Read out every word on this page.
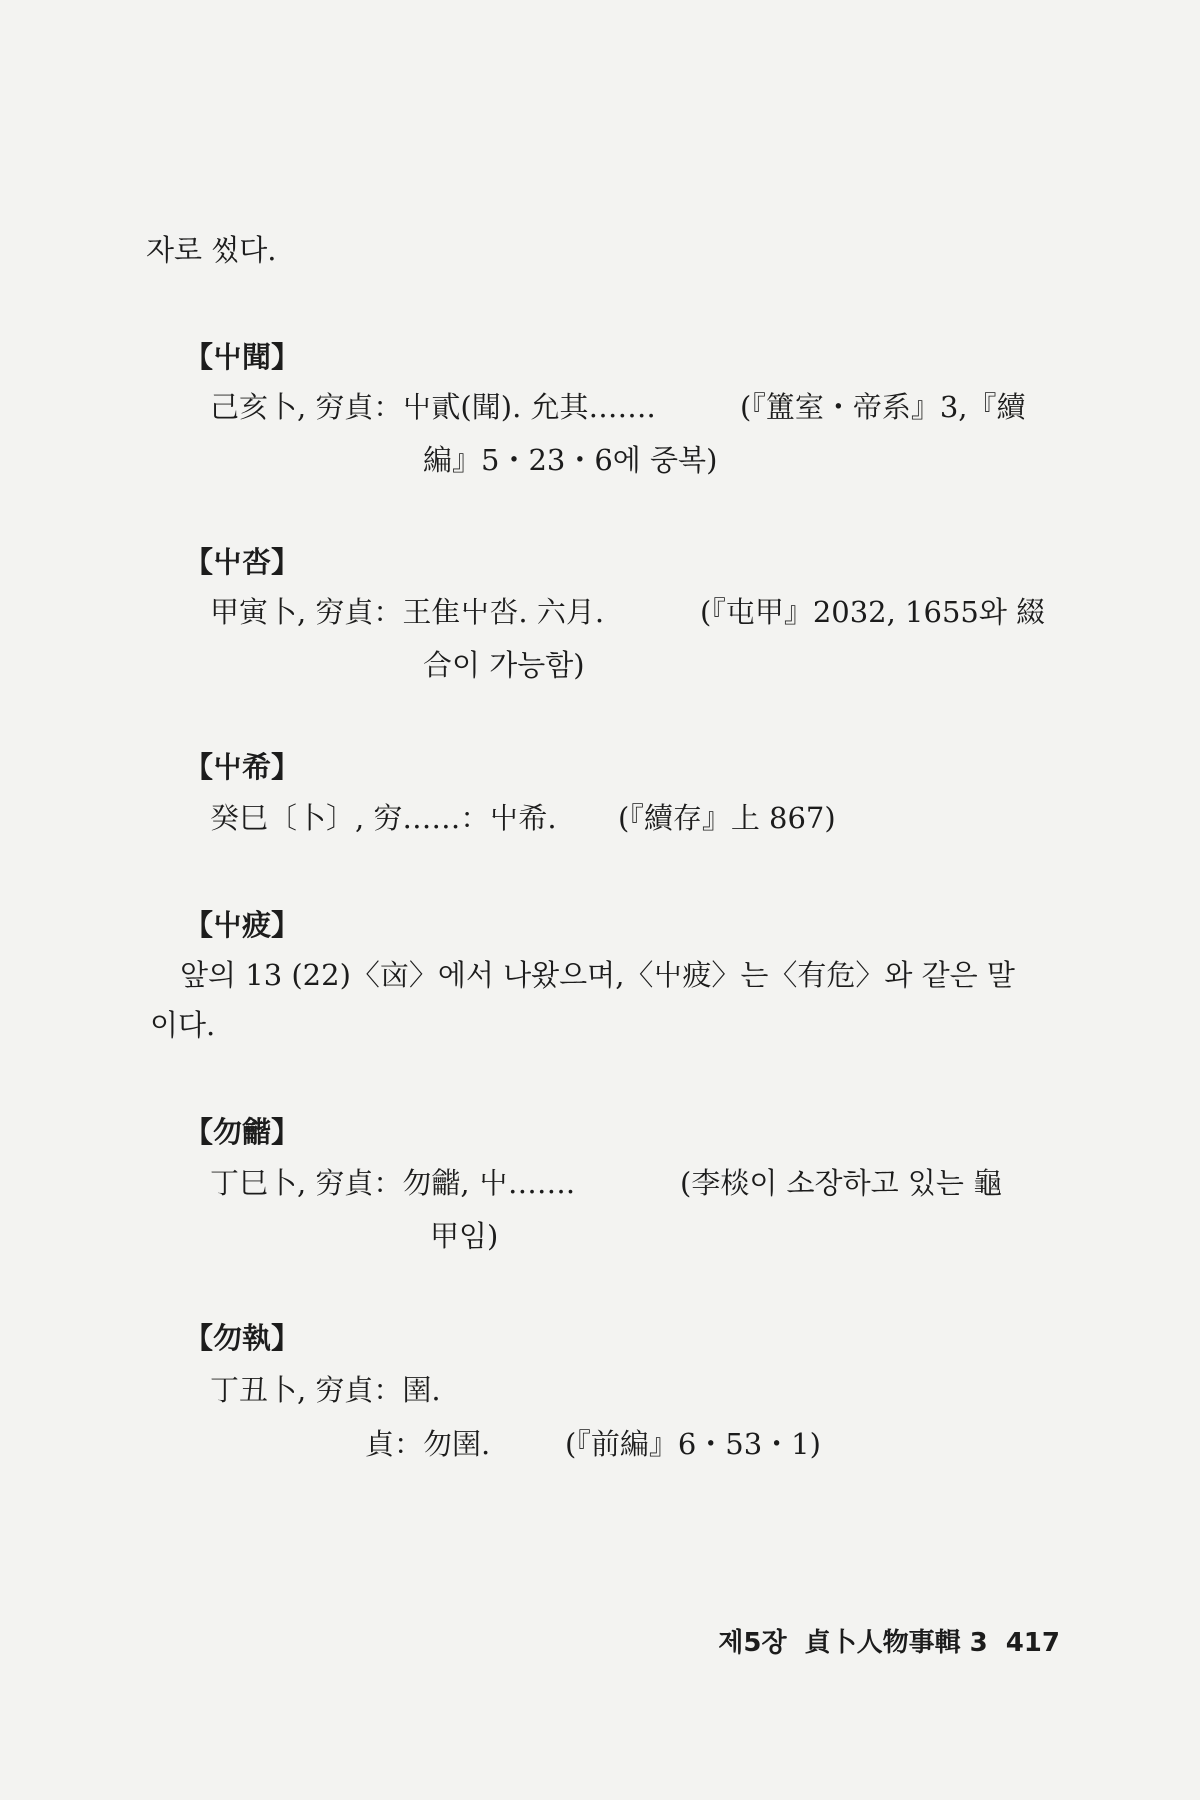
자로 썼다.
【屮聞】
己亥卜, 穷貞：屮貳(聞). 允其…….	(『簠室・帝系』3,『續
編』5・23・6에 중복)
【屮呇】
甲寅卜, 穷貞：王隹屮呇. 六月.	(『屯甲』2032, 1655와 綴
合이 가능함)
【屮希】
癸巳〔卜〕, 穷……：屮希. (『續存』上 867)
【屮疲】
앞의 13 (22)〈㐫〉에서 나왔으며,〈屮疲〉는〈有危〉와 같은 말
이다.
【勿龤】
丁巳卜, 穷貞：勿龤, 屮…….	(李棪이 소장하고 있는 龜
甲임)
【勿執】
丁丑卜, 穷貞：圉.
貞：勿圉.	(『前編』6・53・1)
제5장 貞卜人物事輯 3 417
